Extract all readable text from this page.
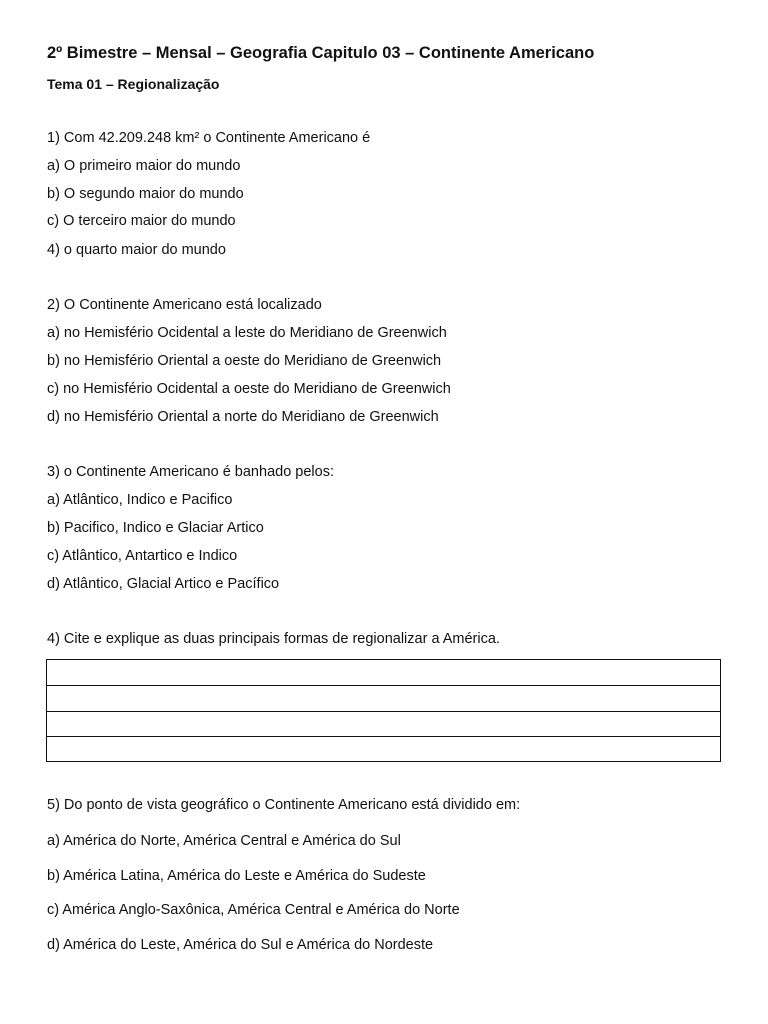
2º Bimestre – Mensal – Geografia Capitulo 03 – Continente Americano
Tema 01 – Regionalização
1) Com 42.209.248 km² o Continente Americano é
a) O primeiro maior do mundo
b) O segundo maior do mundo
c) O terceiro maior do mundo
4) o quarto maior do mundo
2) O Continente Americano está localizado
a) no Hemisfério Ocidental a leste do Meridiano de Greenwich
b) no Hemisfério Oriental a oeste do Meridiano de Greenwich
c) no Hemisfério Ocidental a oeste do Meridiano de Greenwich
d) no Hemisfério Oriental a norte do Meridiano de Greenwich
3) o Continente Americano é banhado pelos:
a) Atlântico, Indico e Pacifico
b) Pacifico, Indico e Glaciar Artico
c) Atlântico, Antartico e Indico
d) Atlântico, Glacial Artico e Pacífico
4) Cite e explique as duas principais formas de regionalizar a América.
5) Do ponto de vista geográfico o Continente Americano está dividido em:
a) América do Norte, América Central e América do Sul
b) América Latina, América do Leste e América do Sudeste
c) América Anglo-Saxônica, América Central e América do Norte
d) América do Leste, América do Sul e América do Nordeste
